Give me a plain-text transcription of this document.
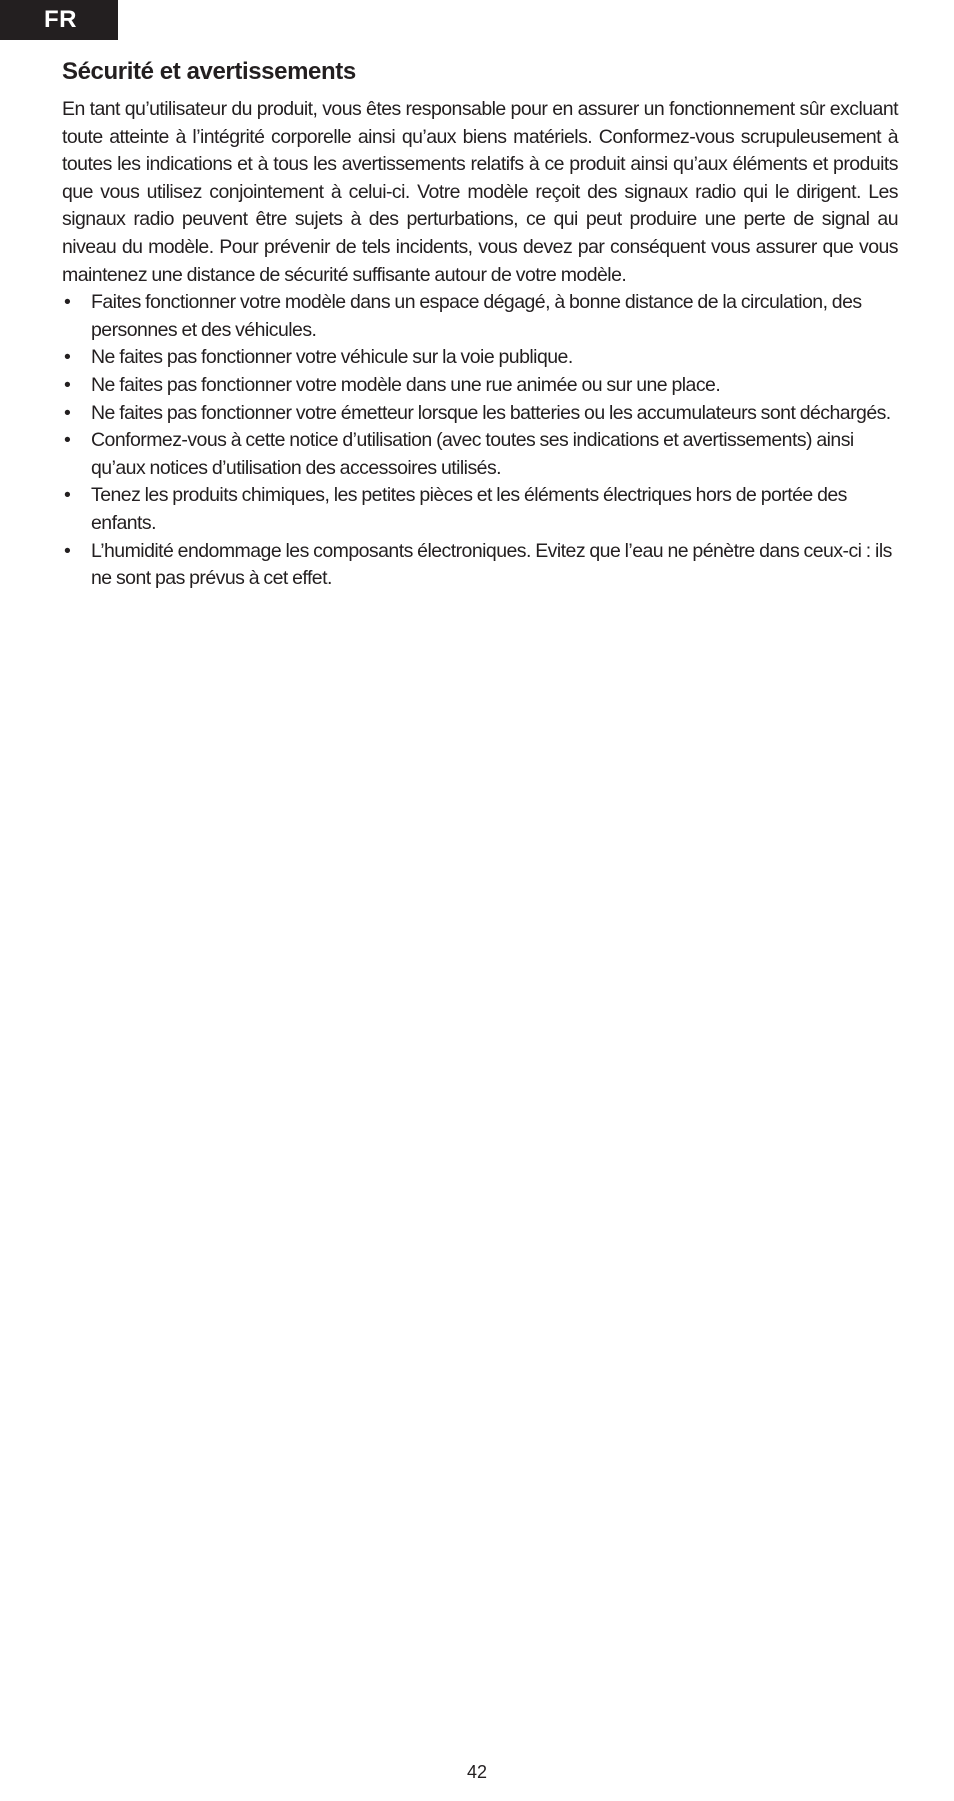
FR
Sécurité et avertissements

En tant qu’utilisateur du produit, vous êtes responsable pour en assurer un fonctionnement sûr excluant toute atteinte à l’intégrité corporelle ainsi qu’aux biens matériels. Conformez-vous scrupuleusement à toutes les indications et à tous les avertissements relatifs à ce produit ainsi qu’aux éléments et produits que vous utilisez conjointement à celui-ci. Votre modèle reçoit des signaux radio qui le dirigent. Les signaux radio peuvent être sujets à des perturbations, ce qui peut produire une perte de signal au niveau du modèle. Pour prévenir de tels incidents, vous devez par conséquent vous assurer que vous maintenez une distance de sécurité suffisante autour de votre modèle.

• Faites fonctionner votre modèle dans un espace dégagé, à bonne distance de la circulation, des personnes et des véhicules.
• Ne faites pas fonctionner votre véhicule sur la voie publique.
• Ne faites pas fonctionner votre modèle dans une rue animée ou sur une place.
• Ne faites pas fonctionner votre émetteur lorsque les batteries ou les accumulateurs sont déchargés.
• Conformez-vous à cette notice d’utilisation (avec toutes ses indications et avertissements) ainsi qu’aux notices d’utilisation des accessoires utilisés.
• Tenez les produits chimiques, les petites pièces et les éléments électriques hors de portée des enfants.
• L’humidité endommage les composants électroniques. Evitez que l’eau ne pénètre dans ceux-ci : ils ne sont pas prévus à cet effet.
42
